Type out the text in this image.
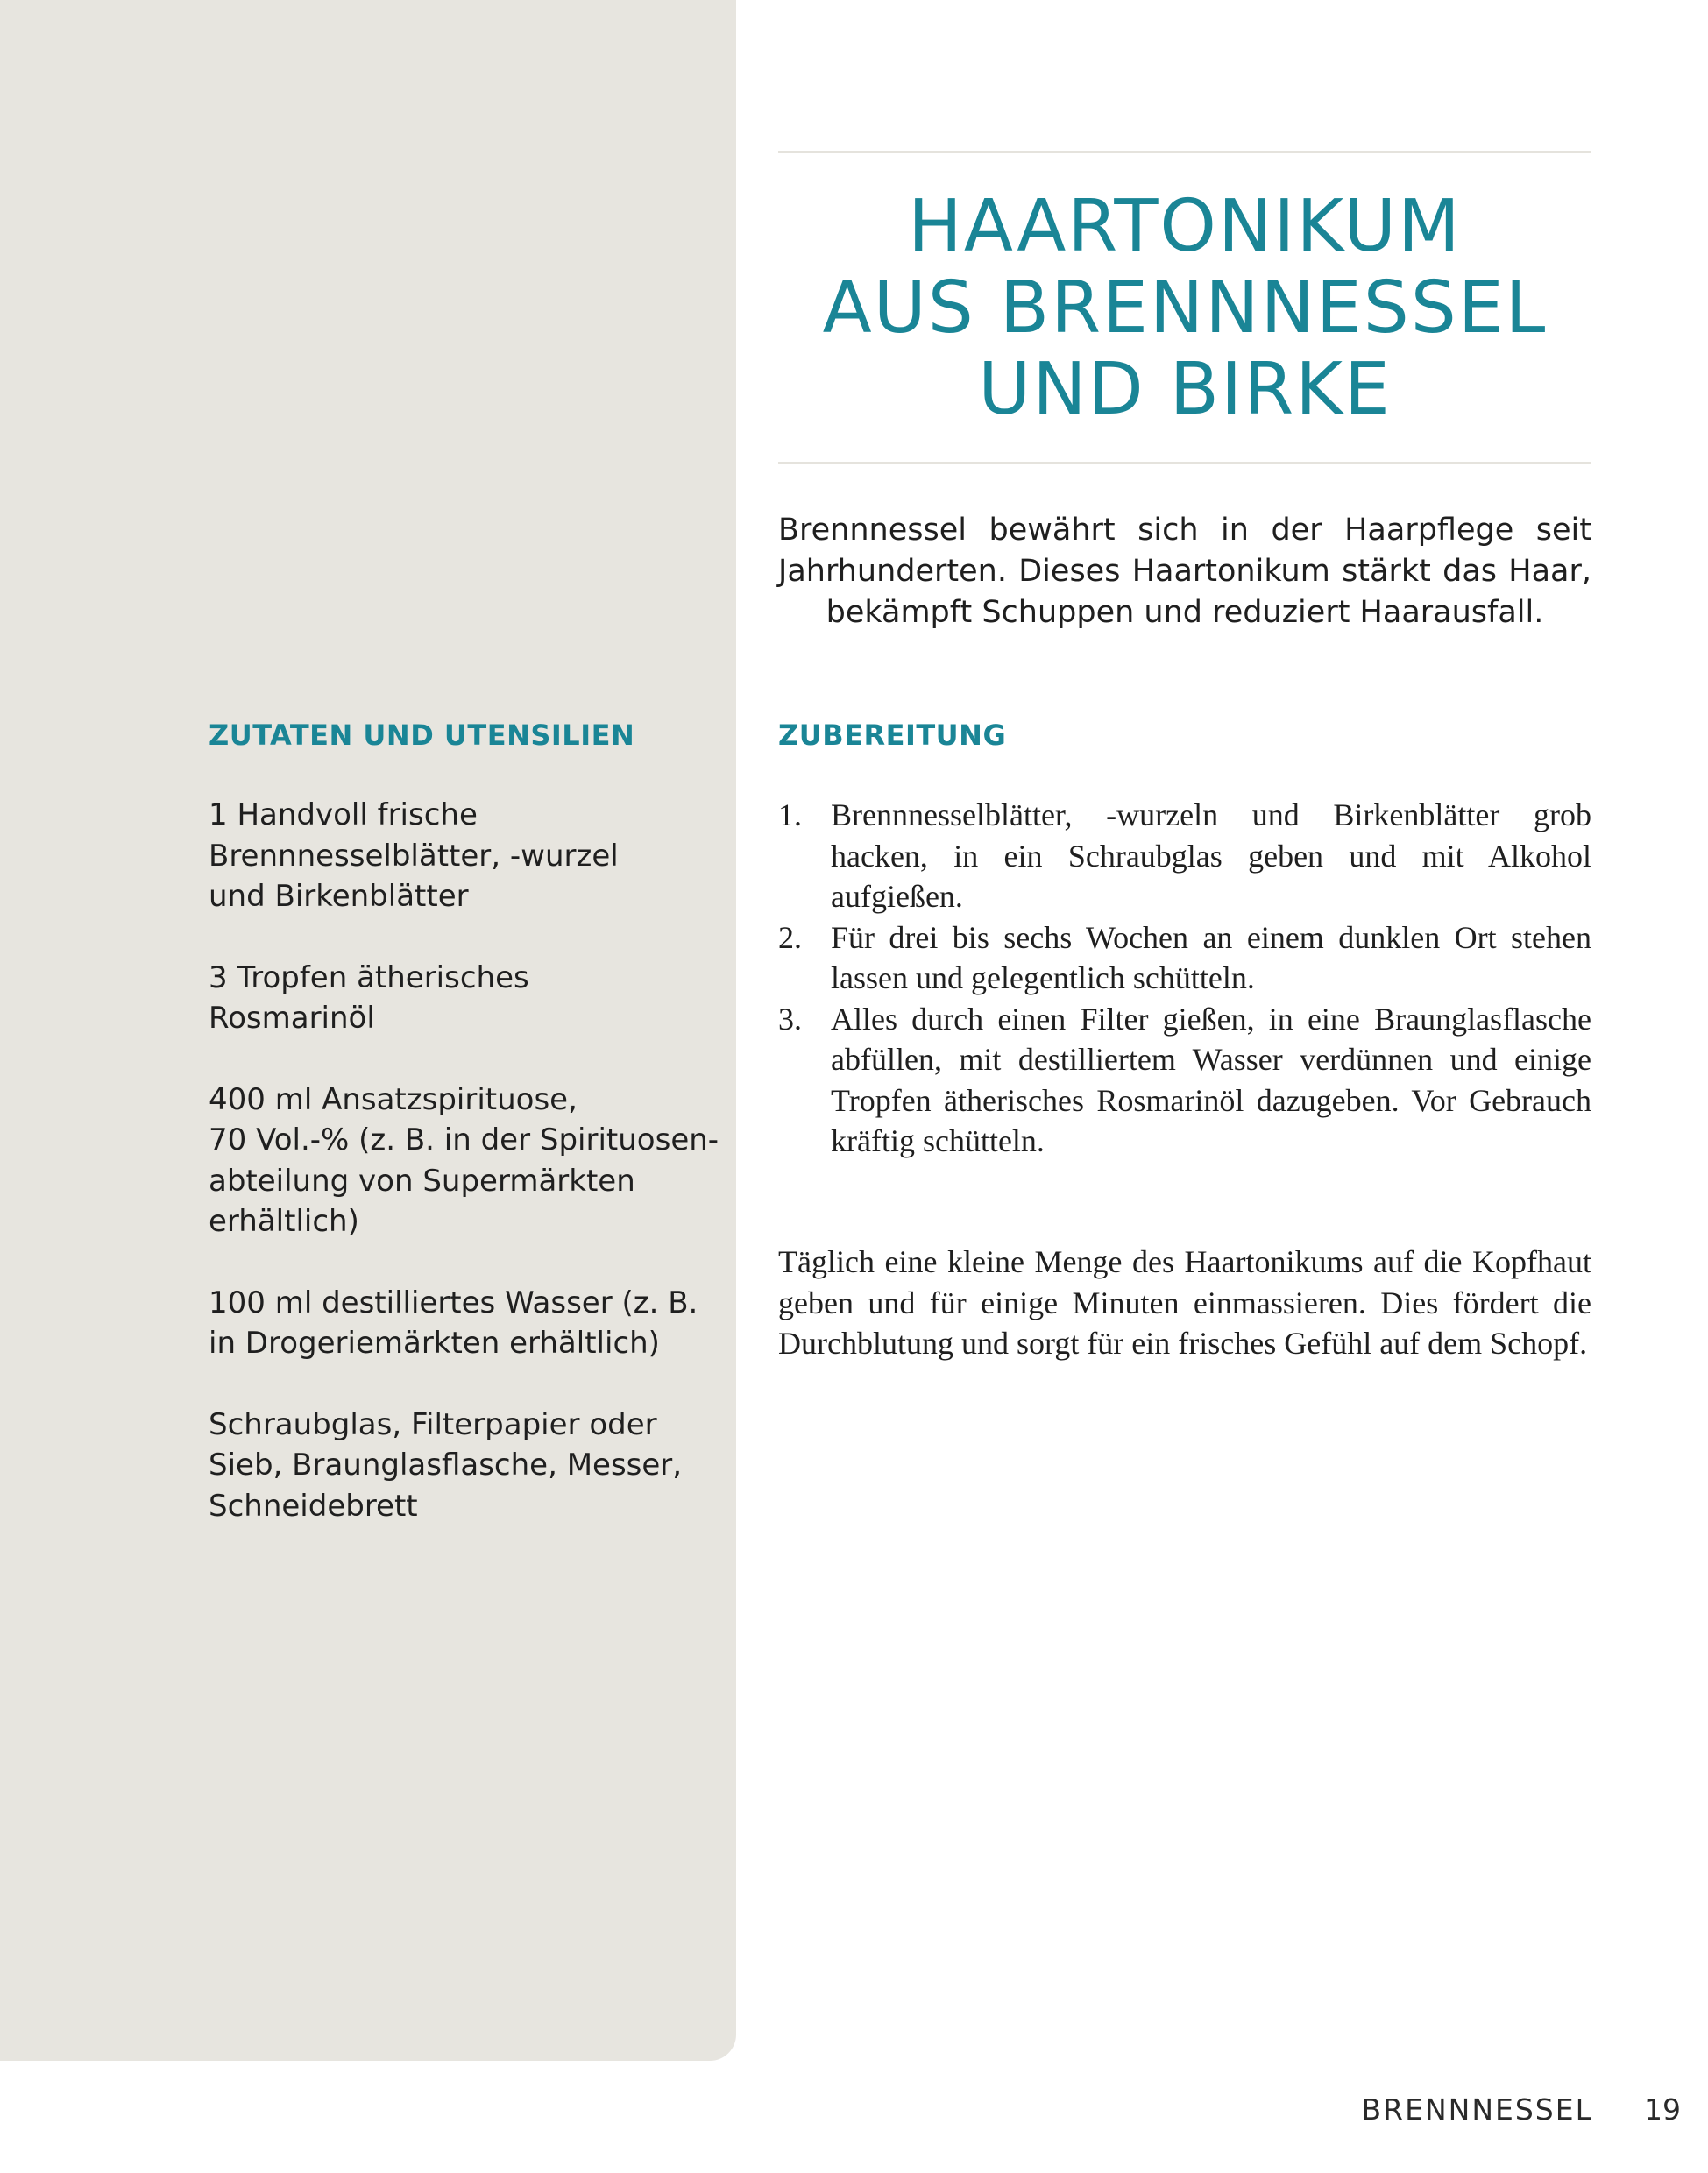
HAARTONIKUM
AUS BRENNNESSEL
UND BIRKE

Brennnessel bewährt sich in der Haarpflege seit Jahrhunderten. Dieses Haartonikum stärkt das Haar, bekämpft Schuppen und reduziert Haarausfall.

ZUTATEN UND UTENSILIEN
1 Handvoll frische
Brennnesselblätter, -wurzel
und Birkenblätter
3 Tropfen ätherisches
Rosmarinöl
400 ml Ansatzspirituose,
70 Vol.-% (z. B. in der Spirituosen-
abteilung von Supermärkten
erhältlich)
100 ml destilliertes Wasser (z. B.
in Drogeriemärkten erhältlich)
Schraubglas, Filterpapier oder
Sieb, Braunglasflasche, Messer,
Schneidebrett
ZUBEREITUNG
1. Brennnesselblätter, -wurzeln und Birkenblätter grob hacken, in ein Schraubglas geben und mit Alkohol aufgießen.
2. Für drei bis sechs Wochen an einem dunklen Ort stehen lassen und gelegentlich schütteln.
3. Alles durch einen Filter gießen, in eine Braunglasflasche abfüllen, mit destilliertem Wasser verdünnen und einige Tropfen ätherisches Rosmarinöl dazugeben. Vor Gebrauch kräftig schütteln.

Täglich eine kleine Menge des Haartonikums auf die Kopfhaut geben und für einige Minuten einmassieren. Dies fördert die Durchblutung und sorgt für ein frisches Gefühl auf dem Schopf.

BRENNNESSEL 19
